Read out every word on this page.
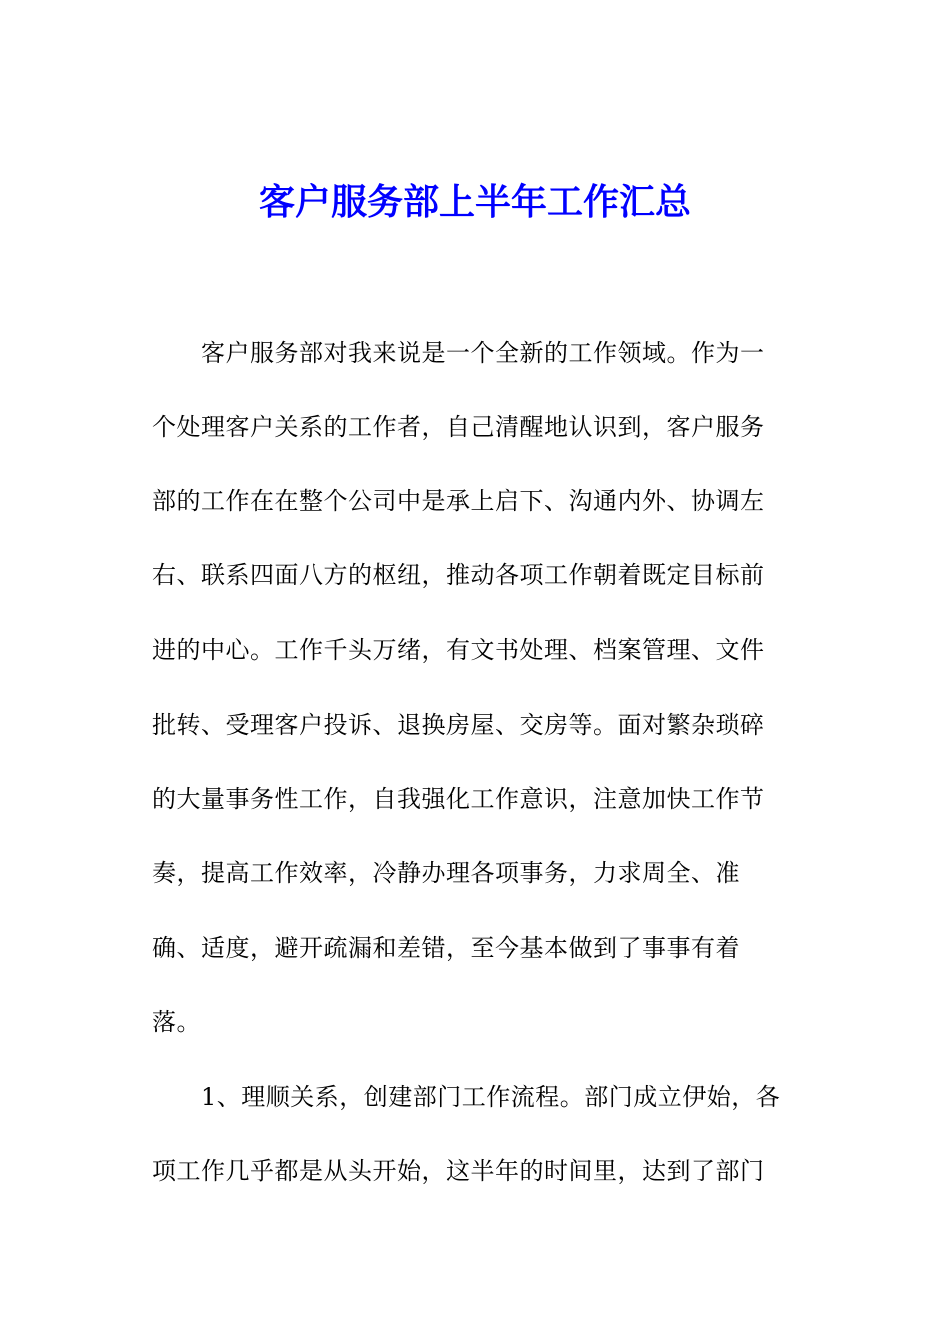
客户服务部上半年工作汇总
　　客户服务部对我来说是一个全新的工作领域。作为一
个处理客户关系的工作者，自己清醒地认识到，客户服务
部的工作在在整个公司中是承上启下、沟通内外、协调左
右、联系四面八方的枢纽，推动各项工作朝着既定目标前
进的中心。工作千头万绪，有文书处理、档案管理、文件
批转、受理客户投诉、退换房屋、交房等。面对繁杂琐碎
的大量事务性工作，自我强化工作意识，注意加快工作节
奏，提高工作效率，冷静办理各项事务，力求周全、准
确、适度，避开疏漏和差错，至今基本做到了事事有着
落。
　　1、理顺关系，创建部门工作流程。部门成立伊始，各
项工作几乎都是从头开始，这半年的时间里，达到了部门
